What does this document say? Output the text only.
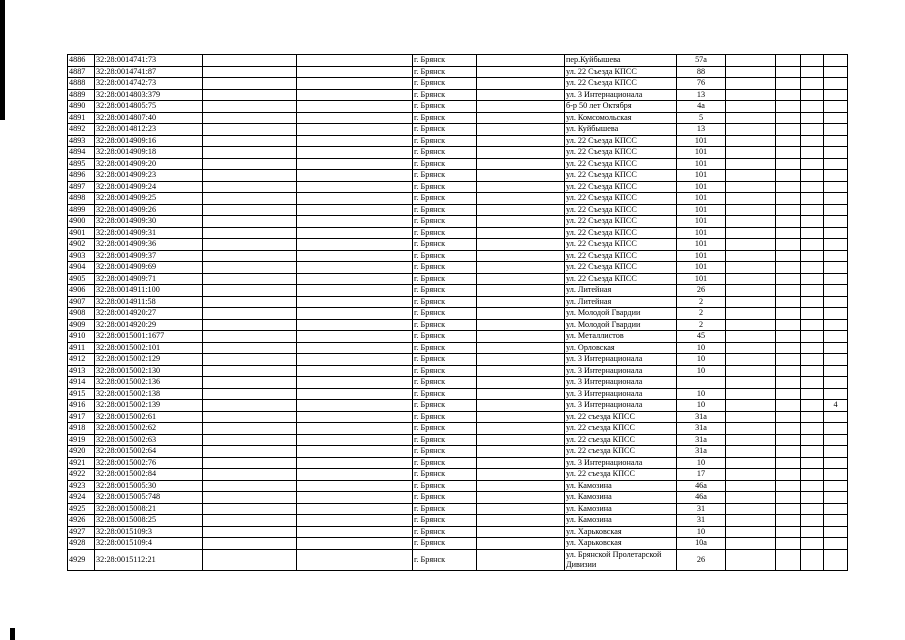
4886	32:28:0014741:73			г. Брянск		пер.Куйбышева	57а				
4887	32:28:0014741:87			г. Брянск		ул. 22 Съезда КПСС	88				
4888	32:28:0014742:73			г. Брянск		ул. 22 Съезда КПСС	76				
4889	32:28:0014803:379			г. Брянск		ул. 3 Интернационала	13				
4890	32:28:0014805:75			г. Брянск		б-р 50 лет Октября	4а				
4891	32:28:0014807:40			г. Брянск		ул. Комсомольская	5				
4892	32:28:0014812:23			г. Брянск		ул. Куйбышева	13				
4893	32:28:0014909:16			г. Брянск		ул. 22 Съезда КПСС	101				
4894	32:28:0014909:18			г. Брянск		ул. 22 Съезда КПСС	101				
4895	32:28:0014909:20			г. Брянск		ул. 22 Съезда КПСС	101				
4896	32:28:0014909:23			г. Брянск		ул. 22 Съезда КПСС	101				
4897	32:28:0014909:24			г. Брянск		ул. 22 Съезда КПСС	101				
4898	32:28:0014909:25			г. Брянск		ул. 22 Съезда КПСС	101				
4899	32:28:0014909:26			г. Брянск		ул. 22 Съезда КПСС	101				
4900	32:28:0014909:30			г. Брянск		ул. 22 Съезда КПСС	101				
4901	32:28:0014909:31			г. Брянск		ул. 22 Съезда КПСС	101				
4902	32:28:0014909:36			г. Брянск		ул. 22 Съезда КПСС	101				
4903	32:28:0014909:37			г. Брянск		ул. 22 Съезда КПСС	101				
4904	32:28:0014909:69			г. Брянск		ул. 22 Съезда КПСС	101				
4905	32:28:0014909:71			г. Брянск		ул. 22 Съезда КПСС	101				
4906	32:28:0014911:100			г. Брянск		ул. Литейная	26				
4907	32:28:0014911:58			г. Брянск		ул. Литейная	2				
4908	32:28:0014920:27			г. Брянск		ул. Молодой Гвардии	2				
4909	32:28:0014920:29			г. Брянск		ул. Молодой Гвардии	2				
4910	32:28:0015001:1677			г. Брянск		ул. Металлистов	45				
4911	32:28:0015002:101			г. Брянск		ул. Орловская	10				
4912	32:28:0015002:129			г. Брянск		ул. 3 Интернационала	10				
4913	32:28:0015002:130			г. Брянск		ул. 3 Интернационала	10				
4914	32:28:0015002:136			г. Брянск		ул. 3 Интернационала					
4915	32:28:0015002:138			г. Брянск		ул. 3 Интернационала	10				
4916	32:28:0015002:139			г. Брянск		ул. 3 Интернационала	10				4
4917	32:28:0015002:61			г. Брянск		ул. 22 съезда КПСС	31а				
4918	32:28:0015002:62			г. Брянск		ул. 22 съезда КПСС	31а				
4919	32:28:0015002:63			г. Брянск		ул. 22 съезда КПСС	31а				
4920	32:28:0015002:64			г. Брянск		ул. 22 съезда КПСС	31а				
4921	32:28:0015002:76			г. Брянск		ул. 3 Интернационала	10				
4922	32:28:0015002:84			г. Брянск		ул. 22 съезда КПСС	17				
4923	32:28:0015005:30			г. Брянск		ул. Камозина	46а				
4924	32:28:0015005:748			г. Брянск		ул. Камозина	46а				
4925	32:28:0015008:21			г. Брянск		ул. Камозина	31				
4926	32:28:0015008:25			г. Брянск		ул. Камозина	31				
4927	32:28:0015109:3			г. Брянск		ул. Харьковская	10				
4928	32:28:0015109:4			г. Брянск		ул. Харьковская	10а				
4929	32:28:0015112:21			г. Брянск		ул. Брянской Пролетарской Дивизии	26				
